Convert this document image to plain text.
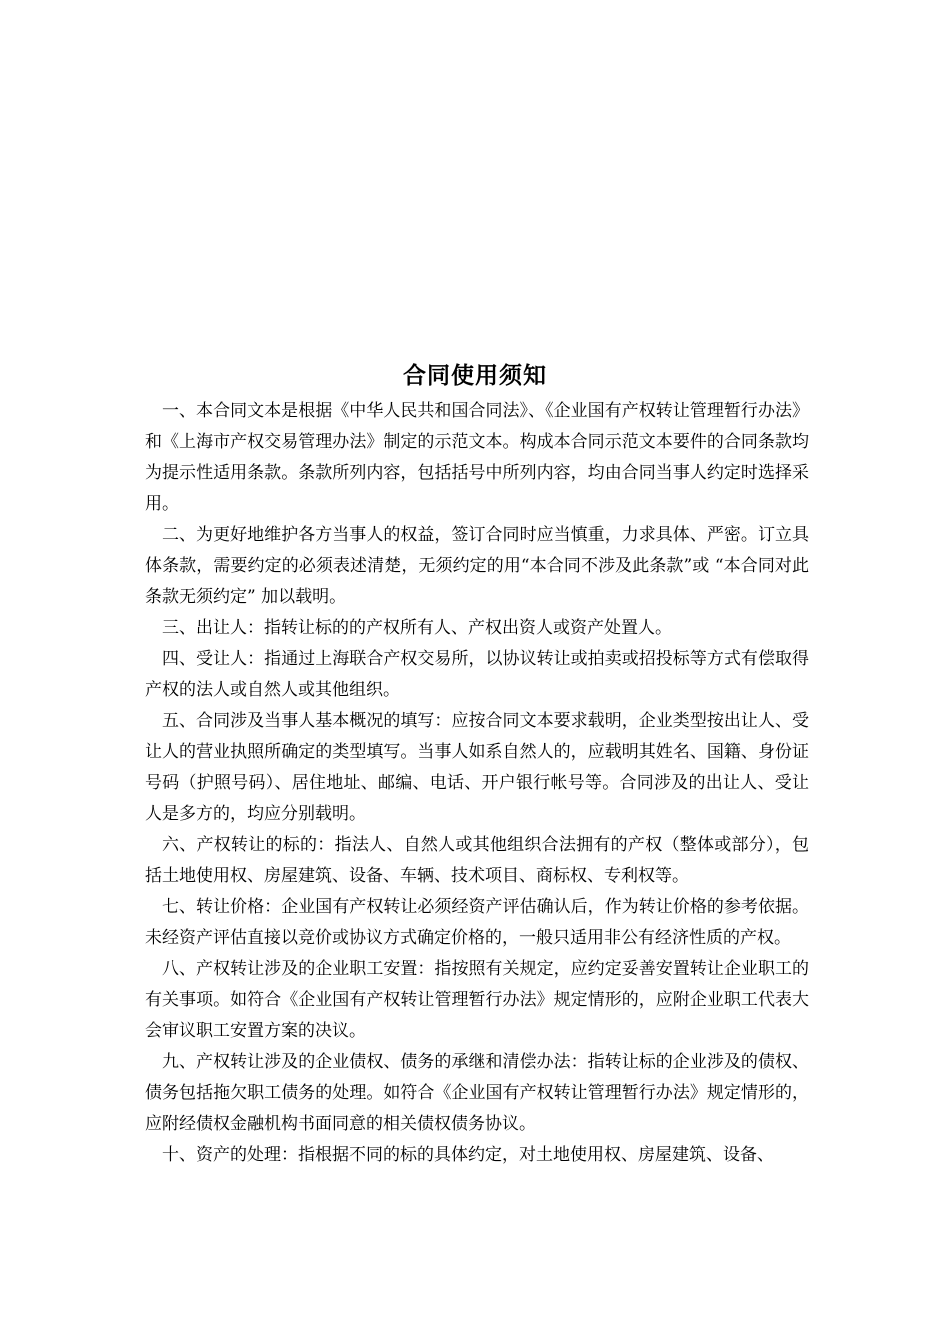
合同使用须知

一、本合同文本是根据《中华人民共和国合同法》、《企业国有产权转让管理暂行办法》和《上海市产权交易管理办法》制定的示范文本。构成本合同示范文本要件的合同条款均为提示性适用条款。条款所列内容，包括括号中所列内容，均由合同当事人约定时选择采用。

二、为更好地维护各方当事人的权益，签订合同时应当慎重，力求具体、严密。订立具体条款，需要约定的必须表述清楚，无须约定的用“本合同不涉及此条款”或 “本合同对此条款无须约定” 加以载明。

三、出让人：指转让标的的产权所有人、产权出资人或资产处置人。

四、受让人：指通过上海联合产权交易所，以协议转让或拍卖或招投标等方式有偿取得产权的法人或自然人或其他组织。

五、合同涉及当事人基本概况的填写：应按合同文本要求载明，企业类型按出让人、受让人的营业执照所确定的类型填写。当事人如系自然人的，应载明其姓名、国籍、身份证号码（护照号码）、居住地址、邮编、电话、开户银行帐号等。合同涉及的出让人、受让人是多方的，均应分别载明。

六、产权转让的标的：指法人、自然人或其他组织合法拥有的产权（整体或部分），包括土地使用权、房屋建筑、设备、车辆、技术项目、商标权、专利权等。

七、转让价格：企业国有产权转让必须经资产评估确认后，作为转让价格的参考依据。未经资产评估直接以竞价或协议方式确定价格的，一般只适用非公有经济性质的产权。

八、产权转让涉及的企业职工安置：指按照有关规定，应约定妥善安置转让企业职工的有关事项。如符合《企业国有产权转让管理暂行办法》规定情形的，应附企业职工代表大会审议职工安置方案的决议。

九、产权转让涉及的企业债权、债务的承继和清偿办法：指转让标的企业涉及的债权、债务包括拖欠职工债务的处理。如符合《企业国有产权转让管理暂行办法》规定情形的，应附经债权金融机构书面同意的相关债权债务协议。

十、资产的处理：指根据不同的标的具体约定，对土地使用权、房屋建筑、设备、
